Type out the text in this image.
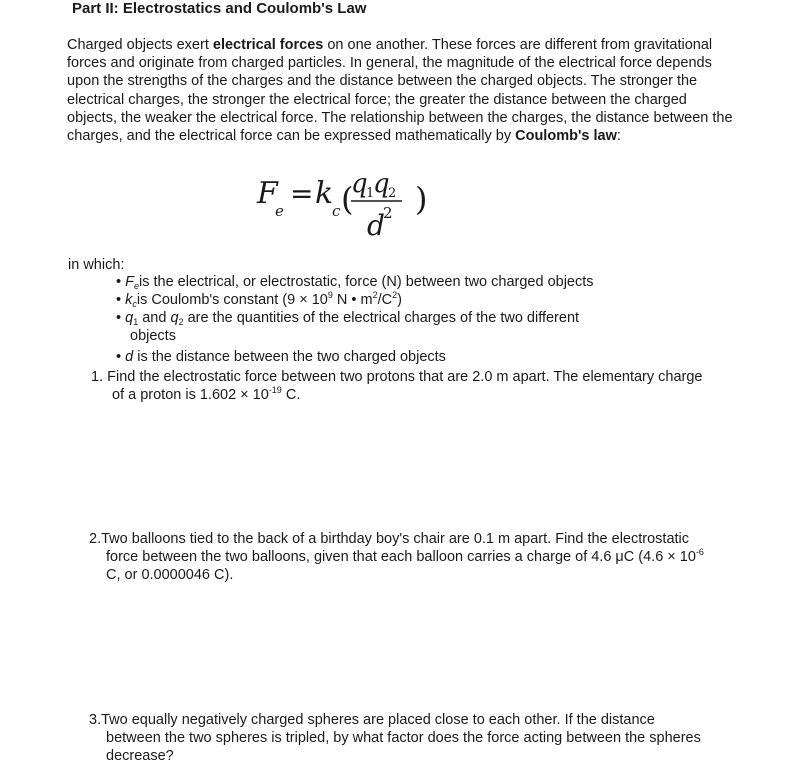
Part II: Electrostatics and Coulomb's Law
Charged objects exert electrical forces on one another. These forces are different from gravitational forces and originate from charged particles. In general, the magnitude of the electrical force depends upon the strengths of the charges and the distance between the charged objects. The stronger the electrical charges, the stronger the electrical force; the greater the distance between the charged objects, the weaker the electrical force. The relationship between the charges, the distance between the charges, and the electrical force can be expressed mathematically by Coulomb's law:
F
e
= k
c (
q
1
q
2
d
2 )
in which:
• $F_eis$ the electrical, or electrostatic, force (N) between two charged objects
• $k_cis$ Coulomb's constant ($9 \times 10^9$ N • $m^2/C^2$)
• $q_1$ and $q_2$ are the quantities of the electrical charges of the two different
objects
• d is the distance between the two charged objects
1. Find the electrostatic force between two protons that are 2.0 m apart. The elementary charge
of a proton is $1.602 \times 10^{-19}$ C.
2.Two balloons tied to the back of a birthday boy's chair are 0.1 m apart. Find the electrostatic
force between the two balloons, given that each balloon carries a charge of 4.6 μC ($4.6 \times 10^{-6}$
C, or 0.0000046 C).
3.Two equally negatively charged spheres are placed close to each other. If the distance
between the two spheres is tripled, by what factor does the force acting between the spheres
decrease?
